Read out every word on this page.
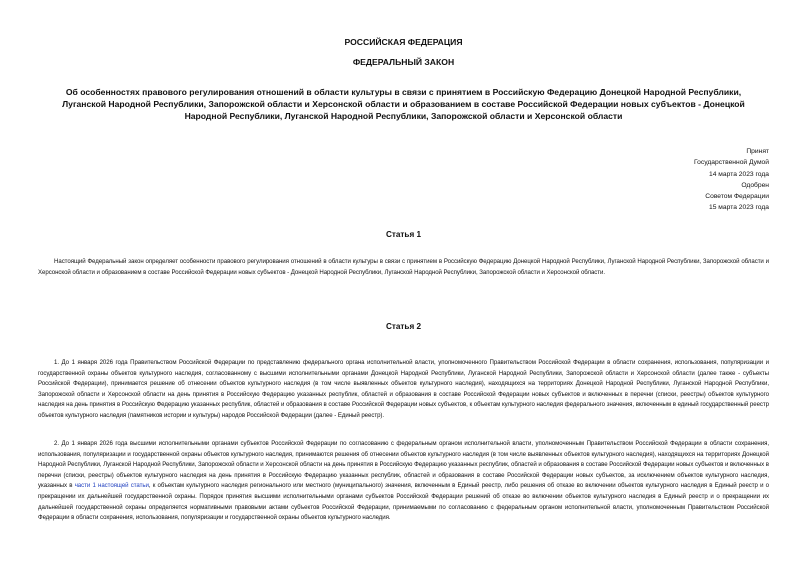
РОССИЙСКАЯ ФЕДЕРАЦИЯ
ФЕДЕРАЛЬНЫЙ ЗАКОН
Об особенностях правового регулирования отношений в области культуры в связи с принятием в Российскую Федерацию Донецкой Народной Республики, Луганской Народной Республики, Запорожской области и Херсонской области и образованием в составе Российской Федерации новых субъектов - Донецкой Народной Республики, Луганской Народной Республики, Запорожской области и Херсонской области
Принят
Государственной Думой
14 марта 2023 года
Одобрен
Советом Федерации
15 марта 2023 года
Статья 1
Настоящий Федеральный закон определяет особенности правового регулирования отношений в области культуры в связи с принятием в Российскую Федерацию Донецкой Народной Республики, Луганской Народной Республики, Запорожской области и Херсонской области и образованием в составе Российской Федерации новых субъектов - Донецкой Народной Республики, Луганской Народной Республики, Запорожской области и Херсонской области.
Статья 2
1. До 1 января 2026 года Правительством Российской Федерации по представлению федерального органа исполнительной власти, уполномоченного Правительством Российской Федерации в области сохранения, использования, популяризации и государственной охраны объектов культурного наследия, согласованному с высшими исполнительными органами Донецкой Народной Республики, Луганской Народной Республики, Запорожской области и Херсонской области (далее также - субъекты Российской Федерации), принимается решение об отнесении объектов культурного наследия (в том числе выявленных объектов культурного наследия), находящихся на территориях Донецкой Народной Республики, Луганской Народной Республики, Запорожской области и Херсонской области на день принятия в Российскую Федерацию указанных республик, областей и образования в составе Российской Федерации новых субъектов и включенных в перечни (списки, реестры) объектов культурного наследия на день принятия в Российскую Федерацию указанных республик, областей и образования в составе Российской Федерации новых субъектов, к объектам культурного наследия федерального значения, включенным в единый государственный реестр объектов культурного наследия (памятников истории и культуры) народов Российской Федерации (далее - Единый реестр).
2. До 1 января 2026 года высшими исполнительными органами субъектов Российской Федерации по согласованию с федеральным органом исполнительной власти, уполномоченным Правительством Российской Федерации в области сохранения, использования, популяризации и государственной охраны объектов культурного наследия, принимаются решения об отнесении объектов культурного наследия (в том числе выявленных объектов культурного наследия), находящихся на территориях Донецкой Народной Республики, Луганской Народной Республики, Запорожской области и Херсонской области на день принятия в Российскую Федерацию указанных республик, областей и образования в составе Российской Федерации новых субъектов и включенных в перечни (списки, реестры) объектов культурного наследия на день принятия в Российскую Федерацию указанных республик, областей и образования в составе Российской Федерации новых субъектов, за исключением объектов культурного наследия, указанных в части 1 настоящей статьи, к объектам культурного наследия регионального или местного (муниципального) значения, включенным в Единый реестр, либо решения об отказе во включении объектов культурного наследия в Единый реестр и о прекращении их дальнейшей государственной охраны. Порядок принятия высшими исполнительными органами субъектов Российской Федерации решений об отказе во включении объектов культурного наследия в Единый реестр и о прекращении их дальнейшей государственной охраны определяется нормативными правовыми актами субъектов Российской Федерации, принимаемыми по согласованию с федеральным органом исполнительной власти, уполномоченным Правительством Российской Федерации в области сохранения, использования, популяризации и государственной охраны объектов культурного наследия.
